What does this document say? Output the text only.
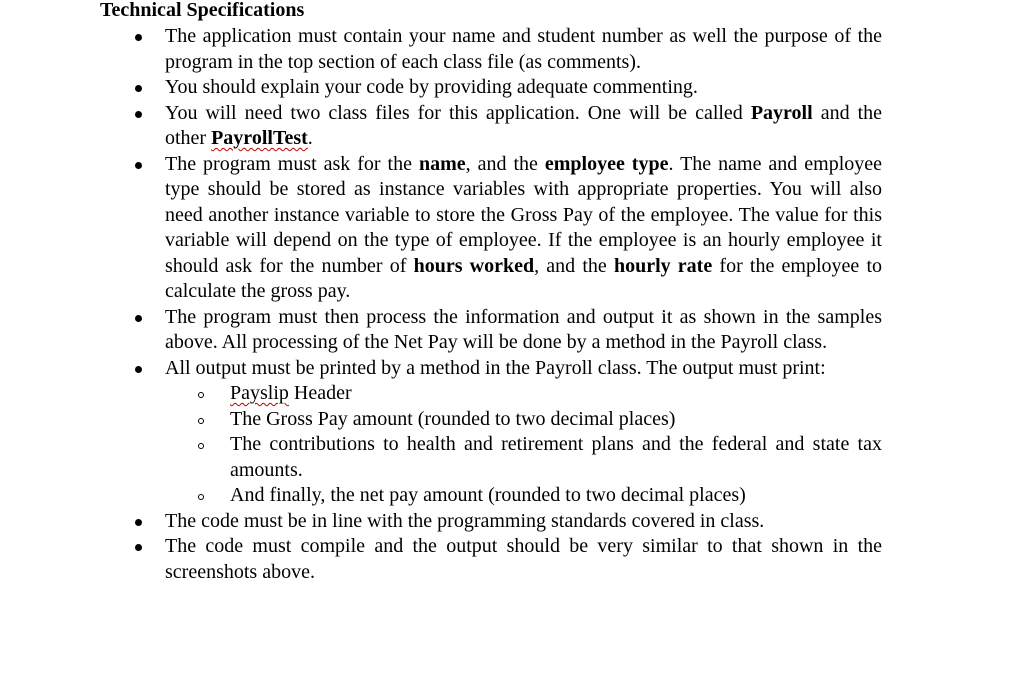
Technical Specifications
The application must contain your name and student number as well the purpose of the program in the top section of each class file (as comments).
You should explain your code by providing adequate commenting.
You will need two class files for this application. One will be called Payroll and the other PayrollTest.
The program must ask for the name, and the employee type. The name and employee type should be stored as instance variables with appropriate properties. You will also need another instance variable to store the Gross Pay of the employee. The value for this variable will depend on the type of employee. If the employee is an hourly employee it should ask for the number of hours worked, and the hourly rate for the employee to calculate the gross pay.
The program must then process the information and output it as shown in the samples above. All processing of the Net Pay will be done by a method in the Payroll class.
All output must be printed by a method in the Payroll class. The output must print:
Payslip Header
The Gross Pay amount (rounded to two decimal places)
The contributions to health and retirement plans and the federal and state tax amounts.
And finally, the net pay amount (rounded to two decimal places)
The code must be in line with the programming standards covered in class.
The code must compile and the output should be very similar to that shown in the screenshots above.
